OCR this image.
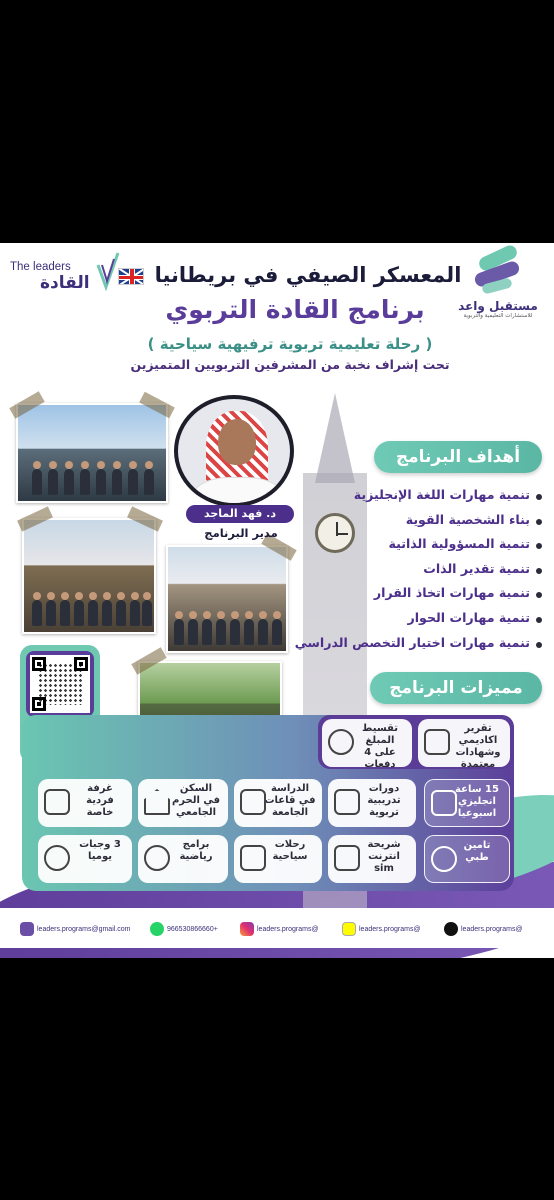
مستقبل واعد
للاستشارات التعليمية والتربوية
The leaders
القادة	المعسكر الصيفي في بريطانيا
برنامج القادة التربوي
( رحلة تعليمية تربوية ترفيهية سياحية )
تحت إشراف نخبة من المشرفين التربويين المتميزين
د. فهد الماجد
مدير البرنامج
أهداف البرنامج
تنمية مهارات اللغة الإنجليزية
بناء الشخصية القوية
تنمية المسؤولية الذاتية
تنمية تقدير الذات
تنمية مهارات اتخاذ القرار
تنمية مهارات الحوار
تنمية مهارات اختيار التخصص الدراسي
مميزات البرنامج
تقرير اكاديمي وشهادات معتمدة
تقسيط المبلغ على 4 دفعات
15 ساعة انجليزي اسبوعيا
دورات تدريبية تربوية
الدراسة في قاعات الجامعة
السكن في الحرم الجامعي
غرفة فردية خاصة
تامين طبي
شريحة انترنت sim
رحلات سياحية
برامج رياضية
3 وجبات يوميا
leaders.programs@gmail.com	966530866660+	leaders.programs@	leaders.programs@	leaders.programs@
